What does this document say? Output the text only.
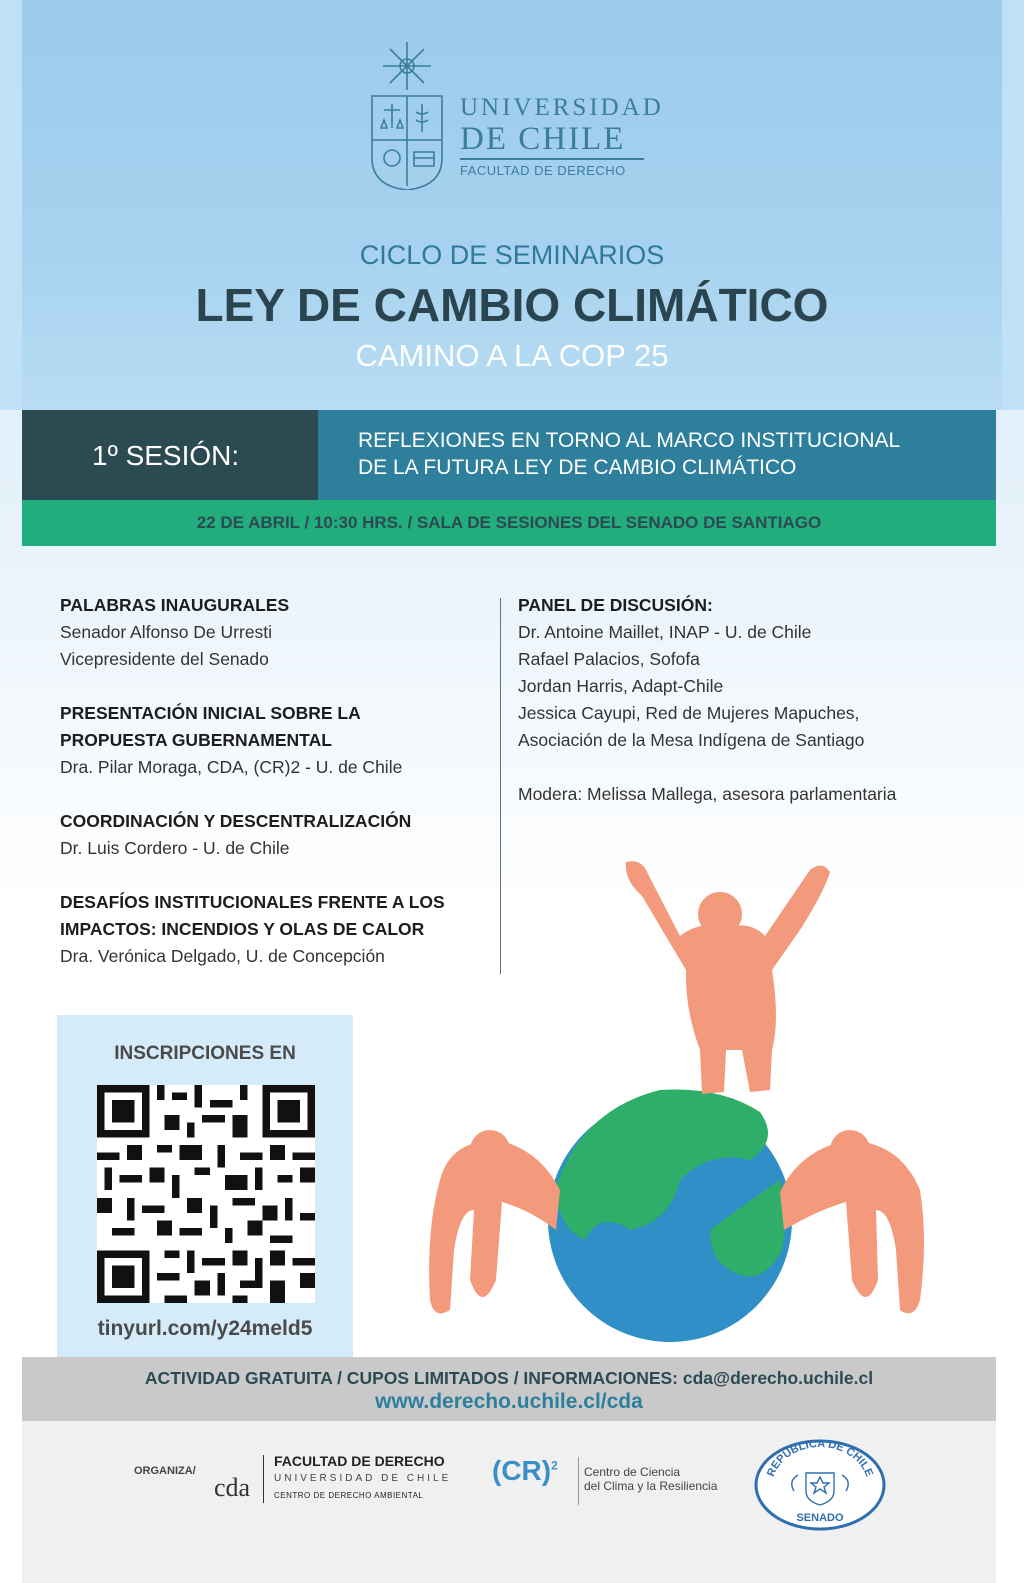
UNIVERSIDAD
DE CHILE
FACULTAD DE DERECHO
CICLO DE SEMINARIOS
LEY DE CAMBIO CLIMÁTICO
CAMINO A LA COP 25
1º SESIÓN:	REFLEXIONES EN TORNO AL MARCO INSTITUCIONAL
DE LA FUTURA LEY DE CAMBIO CLIMÁTICO
22 DE ABRIL / 10:30 HRS. / SALA DE SESIONES DEL SENADO DE SANTIAGO
PALABRAS INAUGURALES
Senador Alfonso De Urresti
Vicepresidente del Senado
PRESENTACIÓN INICIAL SOBRE LA
PROPUESTA GUBERNAMENTAL
Dra. Pilar Moraga, CDA, (CR)2 - U. de Chile
COORDINACIÓN Y DESCENTRALIZACIÓN
Dr. Luis Cordero - U. de Chile
DESAFÍOS INSTITUCIONALES FRENTE A LOS
IMPACTOS: INCENDIOS Y OLAS DE CALOR
Dra. Verónica Delgado, U. de Concepción
PANEL DE DISCUSIÓN:
Dr. Antoine Maillet, INAP - U. de Chile
Rafael Palacios, Sofofa
Jordan Harris, Adapt-Chile
Jessica Cayupi, Red de Mujeres Mapuches,
Asociación de la Mesa Indígena de Santiago
Modera: Melissa Mallega, asesora parlamentaria
INSCRIPCIONES EN
tinyurl.com/y24meld5
ACTIVIDAD GRATUITA / CUPOS LIMITADOS / INFORMACIONES: cda@derecho.uchile.cl
www.derecho.uchile.cl/cda
ORGANIZA/
cda
FACULTAD DE DERECHO
UNIVERSIDAD DE CHILE
CENTRO DE DERECHO AMBIENTAL
(CR)$^2$ Centro de Ciencia
del Clima y la Resiliencia
REPUBLICA DE CHILE
SENADO
